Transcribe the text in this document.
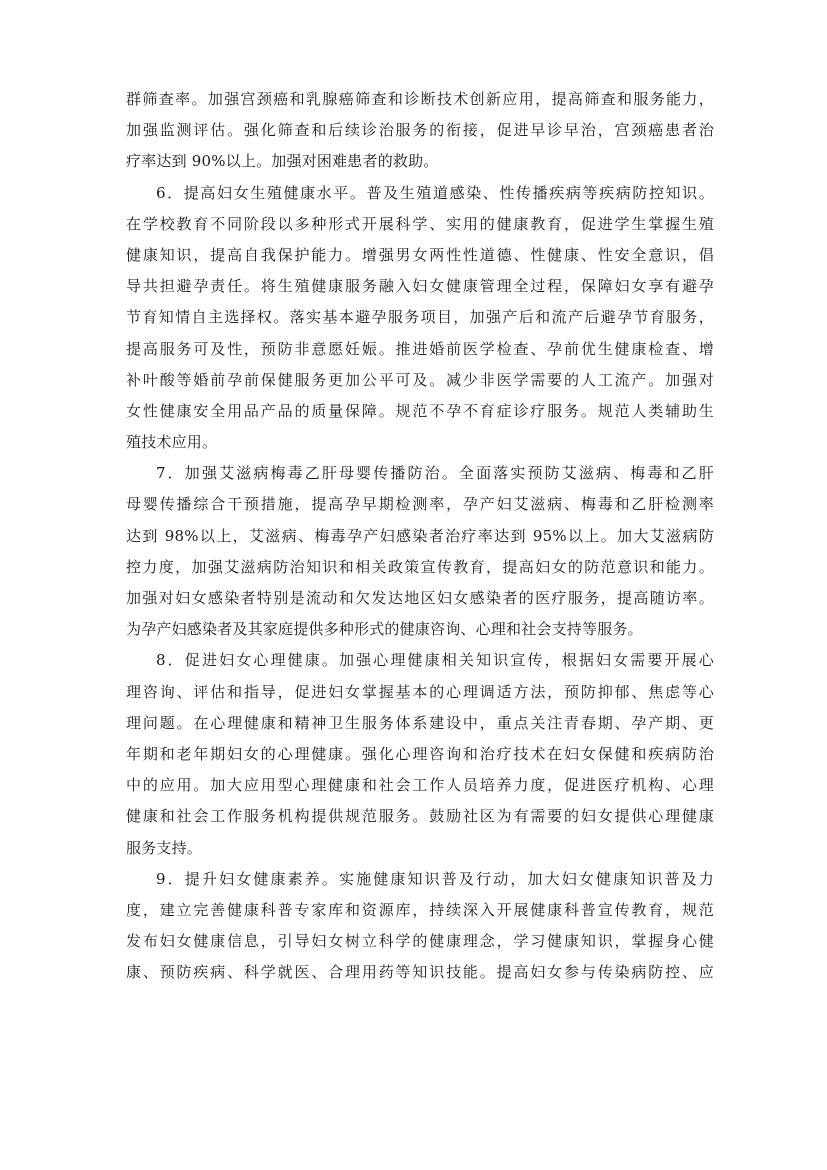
群筛查率。加强宫颈癌和乳腺癌筛查和诊断技术创新应用，提高筛查和服务能力，
加强监测评估。强化筛查和后续诊治服务的衔接，促进早诊早治，宫颈癌患者治
疗率达到 90%以上。加强对困难患者的救助。
6．提高妇女生殖健康水平。普及生殖道感染、性传播疾病等疾病防控知识。
在学校教育不同阶段以多种形式开展科学、实用的健康教育，促进学生掌握生殖
健康知识，提高自我保护能力。增强男女两性性道德、性健康、性安全意识，倡
导共担避孕责任。将生殖健康服务融入妇女健康管理全过程，保障妇女享有避孕
节育知情自主选择权。落实基本避孕服务项目，加强产后和流产后避孕节育服务，
提高服务可及性，预防非意愿妊娠。推进婚前医学检查、孕前优生健康检查、增
补叶酸等婚前孕前保健服务更加公平可及。减少非医学需要的人工流产。加强对
女性健康安全用品产品的质量保障。规范不孕不育症诊疗服务。规范人类辅助生
殖技术应用。
7．加强艾滋病梅毒乙肝母婴传播防治。全面落实预防艾滋病、梅毒和乙肝
母婴传播综合干预措施，提高孕早期检测率，孕产妇艾滋病、梅毒和乙肝检测率
达到 98%以上，艾滋病、梅毒孕产妇感染者治疗率达到 95%以上。加大艾滋病防
控力度，加强艾滋病防治知识和相关政策宣传教育，提高妇女的防范意识和能力。
加强对妇女感染者特别是流动和欠发达地区妇女感染者的医疗服务，提高随访率。
为孕产妇感染者及其家庭提供多种形式的健康咨询、心理和社会支持等服务。
8．促进妇女心理健康。加强心理健康相关知识宣传，根据妇女需要开展心
理咨询、评估和指导，促进妇女掌握基本的心理调适方法，预防抑郁、焦虑等心
理问题。在心理健康和精神卫生服务体系建设中，重点关注青春期、孕产期、更
年期和老年期妇女的心理健康。强化心理咨询和治疗技术在妇女保健和疾病防治
中的应用。加大应用型心理健康和社会工作人员培养力度，促进医疗机构、心理
健康和社会工作服务机构提供规范服务。鼓励社区为有需要的妇女提供心理健康
服务支持。
9．提升妇女健康素养。实施健康知识普及行动，加大妇女健康知识普及力
度，建立完善健康科普专家库和资源库，持续深入开展健康科普宣传教育，规范
发布妇女健康信息，引导妇女树立科学的健康理念，学习健康知识，掌握身心健
康、预防疾病、科学就医、合理用药等知识技能。提高妇女参与传染病防控、应
